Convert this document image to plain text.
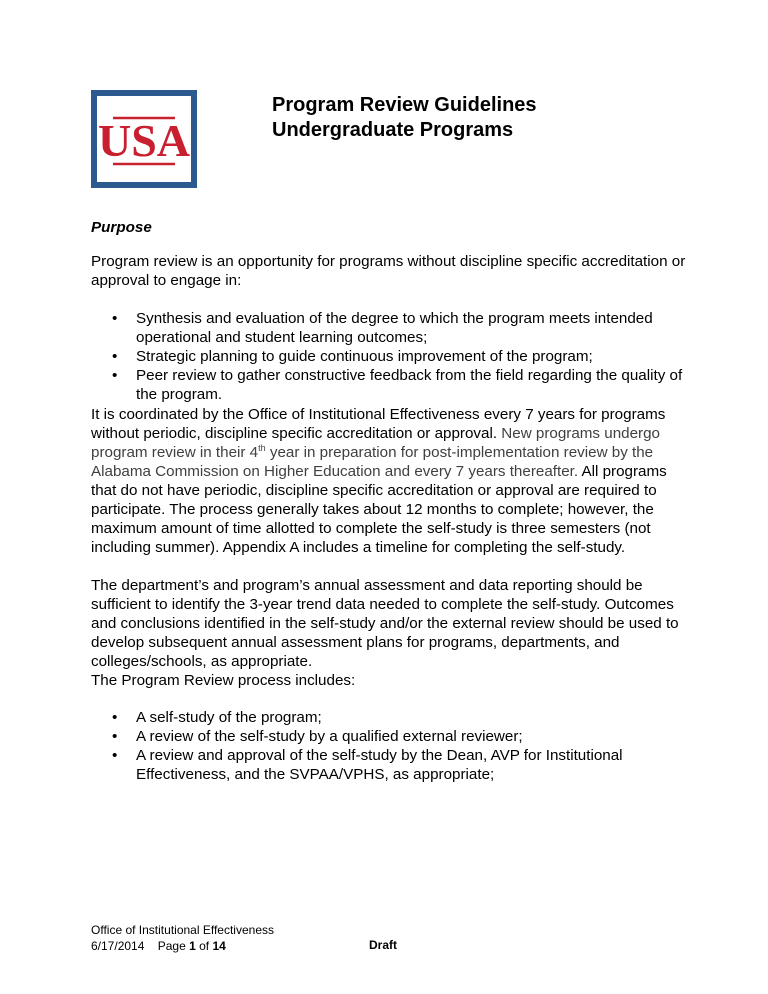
USA
Program Review Guidelines
Undergraduate Programs
Purpose
Program review is an opportunity for programs without discipline specific accreditation or approval to engage in:
• Synthesis and evaluation of the degree to which the program meets intended operational and student learning outcomes;
• Strategic planning to guide continuous improvement of the program;
• Peer review to gather constructive feedback from the field regarding the quality of the program.
It is coordinated by the Office of Institutional Effectiveness every 7 years for programs without periodic, discipline specific accreditation or approval. New programs undergo program review in their 4th year in preparation for post-implementation review by the Alabama Commission on Higher Education and every 7 years thereafter. All programs that do not have periodic, discipline specific accreditation or approval are required to participate. The process generally takes about 12 months to complete; however, the maximum amount of time allotted to complete the self-study is three semesters (not including summer). Appendix A includes a timeline for completing the self-study.
The department’s and program’s annual assessment and data reporting should be sufficient to identify the 3-year trend data needed to complete the self-study. Outcomes and conclusions identified in the self-study and/or the external review should be used to develop subsequent annual assessment plans for programs, departments, and colleges/schools, as appropriate.
The Program Review process includes:
• A self-study of the program;
• A review of the self-study by a qualified external reviewer;
• A review and approval of the self-study by the Dean, AVP for Institutional Effectiveness, and the SVPAA/VPHS, as appropriate;
Office of Institutional Effectiveness
6/17/2014 Page 1 of 14	Draft
